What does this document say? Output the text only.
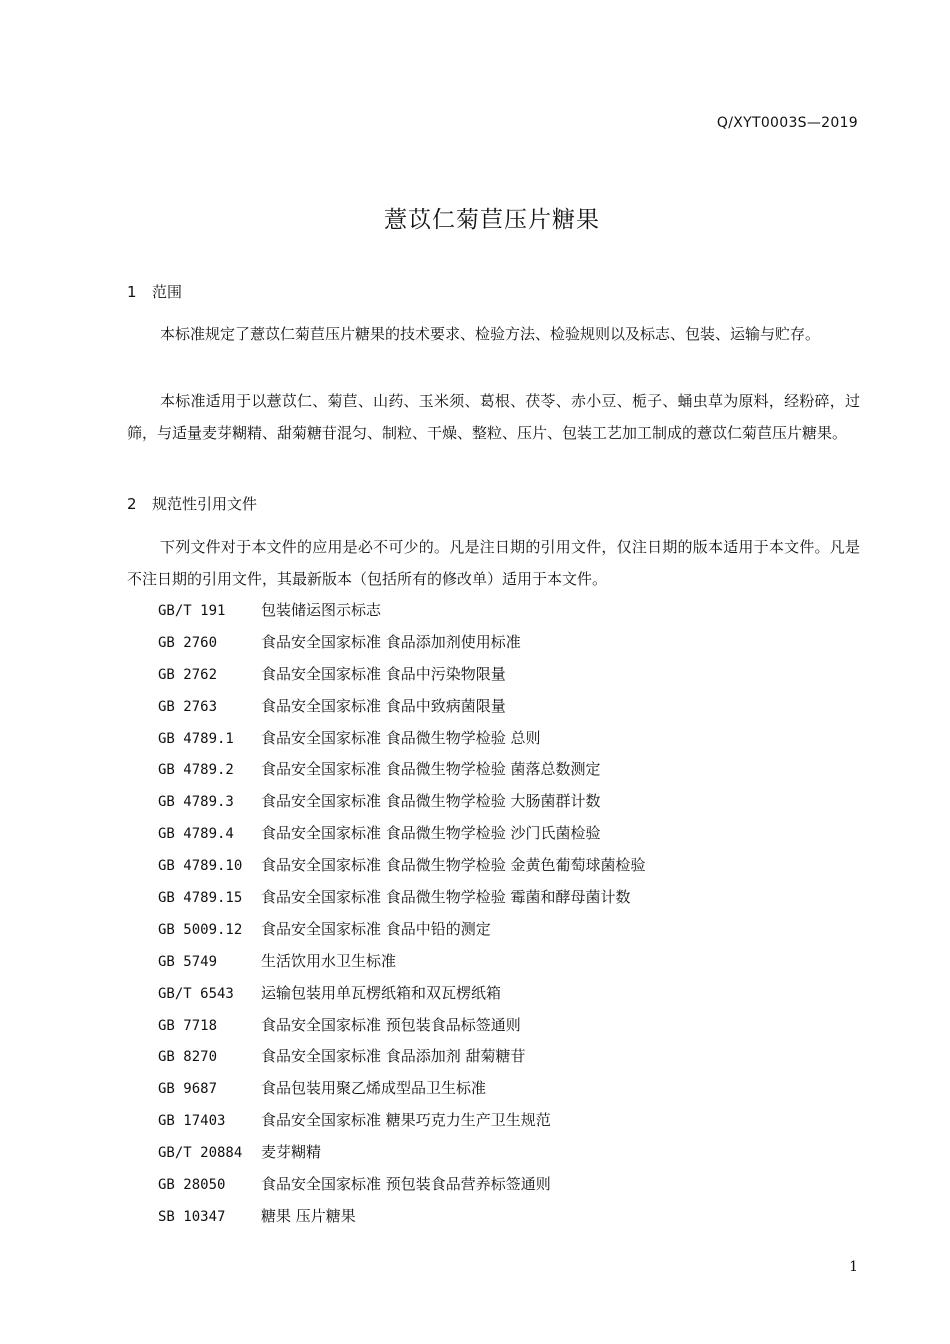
Q/XYT0003S—2019
薏苡仁菊苣压片糖果
1 范围

本标准规定了薏苡仁菊苣压片糖果的技术要求、检验方法、检验规则以及标志、包装、运输与贮存。

本标准适用于以薏苡仁、菊苣、山药、玉米须、葛根、茯苓、赤小豆、栀子、蛹虫草为原料，经粉碎，过筛，与适量麦芽糊精、甜菊糖苷混匀、制粒、干燥、整粒、压片、包装工艺加工制成的薏苡仁菊苣压片糖果。

2 规范性引用文件

下列文件对于本文件的应用是必不可少的。凡是注日期的引用文件，仅注日期的版本适用于本文件。凡是不注日期的引用文件，其最新版本（包括所有的修改单）适用于本文件。

GB/T 191 包装储运图示标志
GB 2760	食品安全国家标准 食品添加剂使用标准
GB 2762	食品安全国家标准 食品中污染物限量
GB 2763	食品安全国家标准 食品中致病菌限量
GB 4789.1 食品安全国家标准 食品微生物学检验 总则
GB 4789.2 食品安全国家标准 食品微生物学检验 菌落总数测定
GB 4789.3 食品安全国家标准 食品微生物学检验 大肠菌群计数
GB 4789.4 食品安全国家标准 食品微生物学检验 沙门氏菌检验
GB 4789.10 食品安全国家标准 食品微生物学检验 金黄色葡萄球菌检验
GB 4789.15 食品安全国家标准 食品微生物学检验 霉菌和酵母菌计数
GB 5009.12 食品安全国家标准 食品中铅的测定
GB 5749	生活饮用水卫生标准
GB/T 6543 运输包装用单瓦楞纸箱和双瓦楞纸箱
GB 7718	食品安全国家标准 预包装食品标签通则
GB 8270	食品安全国家标准 食品添加剂 甜菊糖苷
GB 9687	食品包装用聚乙烯成型品卫生标准
GB 17403 食品安全国家标准 糖果巧克力生产卫生规范
GB/T 20884 麦芽糊精
GB 28050 食品安全国家标准 预包装食品营养标签通则
SB 10347 糖果 压片糖果
1
